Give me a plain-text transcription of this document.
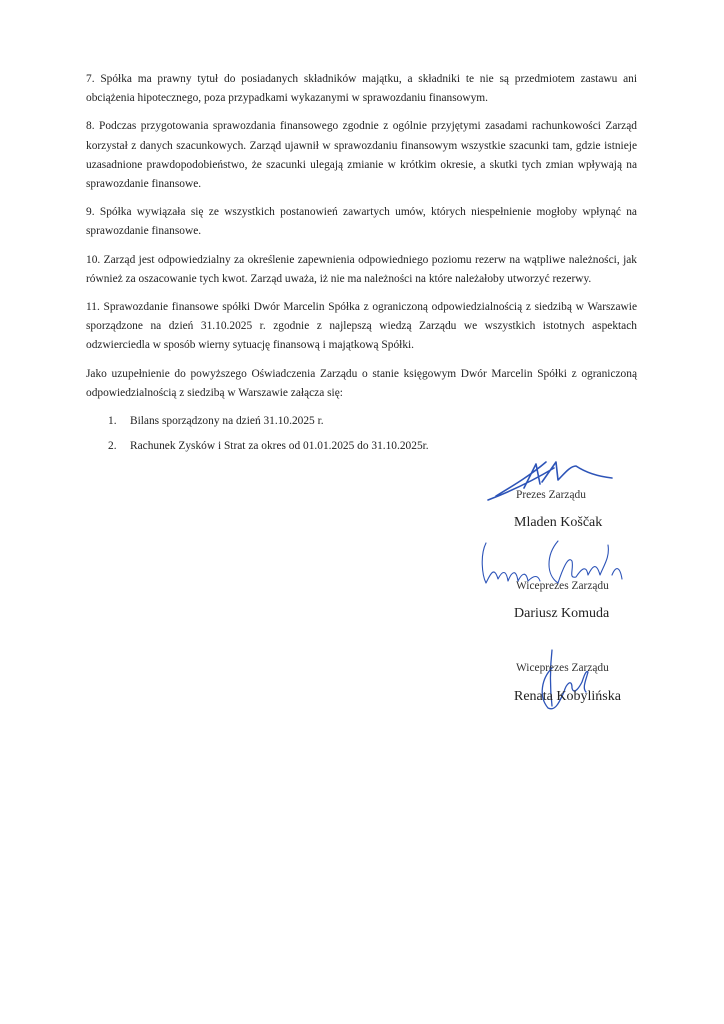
7. Spółka ma prawny tytuł do posiadanych składników majątku, a składniki te nie są przedmiotem zastawu ani obciążenia hipotecznego, poza przypadkami wykazanymi w sprawozdaniu finansowym.

8. Podczas przygotowania sprawozdania finansowego zgodnie z ogólnie przyjętymi zasadami rachunkowości Zarząd korzystał z danych szacunkowych. Zarząd ujawnił w sprawozdaniu finansowym wszystkie szacunki tam, gdzie istnieje uzasadnione prawdopodobieństwo, że szacunki ulegają zmianie w krótkim okresie, a skutki tych zmian wpływają na sprawozdanie finansowe.

9. Spółka wywiązała się ze wszystkich postanowień zawartych umów, których niespełnienie mogłoby wpłynąć na sprawozdanie finansowe.

10. Zarząd jest odpowiedzialny za określenie zapewnienia odpowiedniego poziomu rezerw na wątpliwe należności, jak również za oszacowanie tych kwot. Zarząd uważa, iż nie ma należności na które należałoby utworzyć rezerwy.

11. Sprawozdanie finansowe spółki Dwór Marcelin Spółka z ograniczoną odpowiedzialnością z siedzibą w Warszawie sporządzone na dzień 31.10.2025 r. zgodnie z najlepszą wiedzą Zarządu we wszystkich istotnych aspektach odzwierciedla w sposób wierny sytuację finansową i majątkową Spółki.

Jako uzupełnienie do powyższego Oświadczenia Zarządu o stanie księgowym Dwór Marcelin Spółki z ograniczoną odpowiedzialnością z siedzibą w Warszawie załącza się:

1. Bilans sporządzony na dzień 31.10.2025 r.
2. Rachunek Zysków i Strat za okres od 01.01.2025 do 31.10.2025r.
Prezes Zarządu
Mladen Koščak
Wiceprezes Zarządu
Dariusz Komuda
Wiceprezes Zarządu
Renata Kobylińska
